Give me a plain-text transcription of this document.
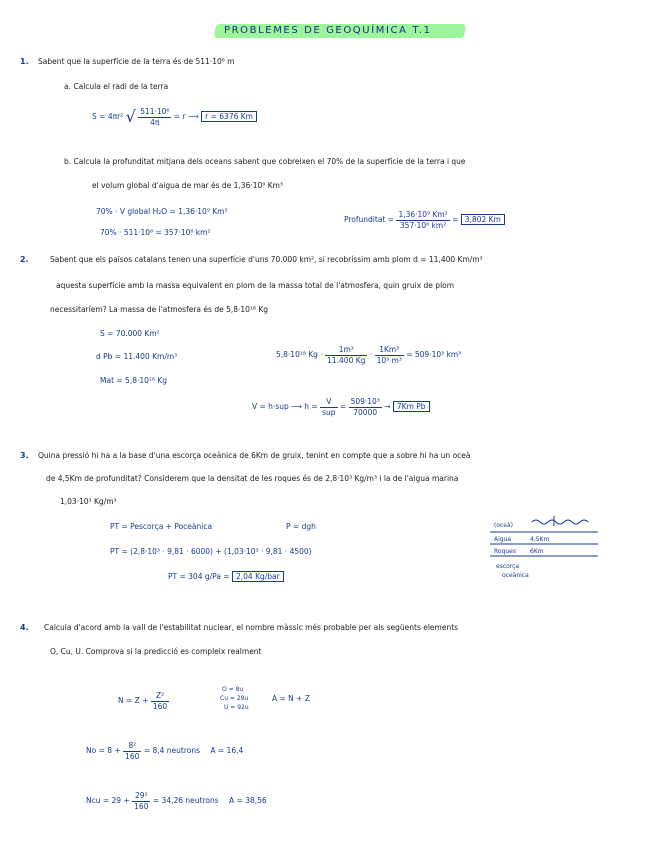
PROBLEMES DE GEOQUÍMICA T.1
1. Sabent que la superfície de la terra és de 511·10⁶ m
a. Calcula el radi de la terra
S = 4πr² √ $\frac{\text{511·10⁶}}{4\pi} = r$ ⟶ r = 6376 Km
b. Calcula la profunditat mitjana dels oceans sabent que cobreixen el 70% de la superfície de la terra i que
el volum global d'aigua de mar és de 1,36·10⁹ Km³
70% · V global H₂O = 1,36·10⁹ Km³
70% · 511·10⁶ = 357·10⁶ km²
Profunditat = $\frac{\text{1,36·10⁹ Km³}}{\text{357·10⁶ km²}} = 3,802$ Km
2.	Sabent que els països catalans tenen una superfície d'uns 70.000 km², si recobríssim amb plom d = 11,400 Km/m³
aquesta superfície amb la massa equivalent en plom de la massa total de l'atmosfera, quin gruix de plom
necessitaríem? La massa de l'atmosfera és de 5,8·10¹⁸ Kg
S = 70.000 Km²
d Pb = 11.400 Km/m³
Mat = 5,8·10¹⁸ Kg
5,8·10¹⁸ $Kg \cdot \frac{\text{1m³}}{11.400 Kg} \cdot \frac{\text{1Km³}}{\text{10⁹ m³}} = 509\cdot 10^3$ km³
V = h·sup ⟶ $h = \frac{V}{\text{sup}} = \frac{\text{509·10³}}{70000} \to 7Km$ Pb
3. Quina pressió hi ha a la base d'una escorça oceànica de 6Km de gruix, tenint en compte que a sobre hi ha un oceà
de 4,5Km de profunditat? Considerem que la densitat de les roques és de 2,8·10³ Kg/m³ i la de l'aigua marina
1,03·10³ Kg/m³
PT = Pescorça + Poceànica	P = dgh
PT = (2,8·10³ · 9,81 · 6000) + (1,03·10³ · 9,81 · 4500)
PT = 304 g/Pa = 2,04 Kg/bar
(oceà)
Aigua	4,5Km
Roques 6Km
escorça
oceànica
4. Calcula d'acord amb la vall de l'estabilitat nuclear, el nombre màssic més probable per als següents elements
O, Cu, U. Comprova si la predicció es compleix realment
$N = Z + \frac{\text{Z²}}{160}$
O = 8u
Cu = 29u
U = 92u
A = N + Z
$No = 8 + \frac{\text{8²}}{160} = 8,4$ neutrons A = 16,4
Ncu = $29 + \frac{\text{29²}}{160} = 34,26$ neutrons A = 38,56
